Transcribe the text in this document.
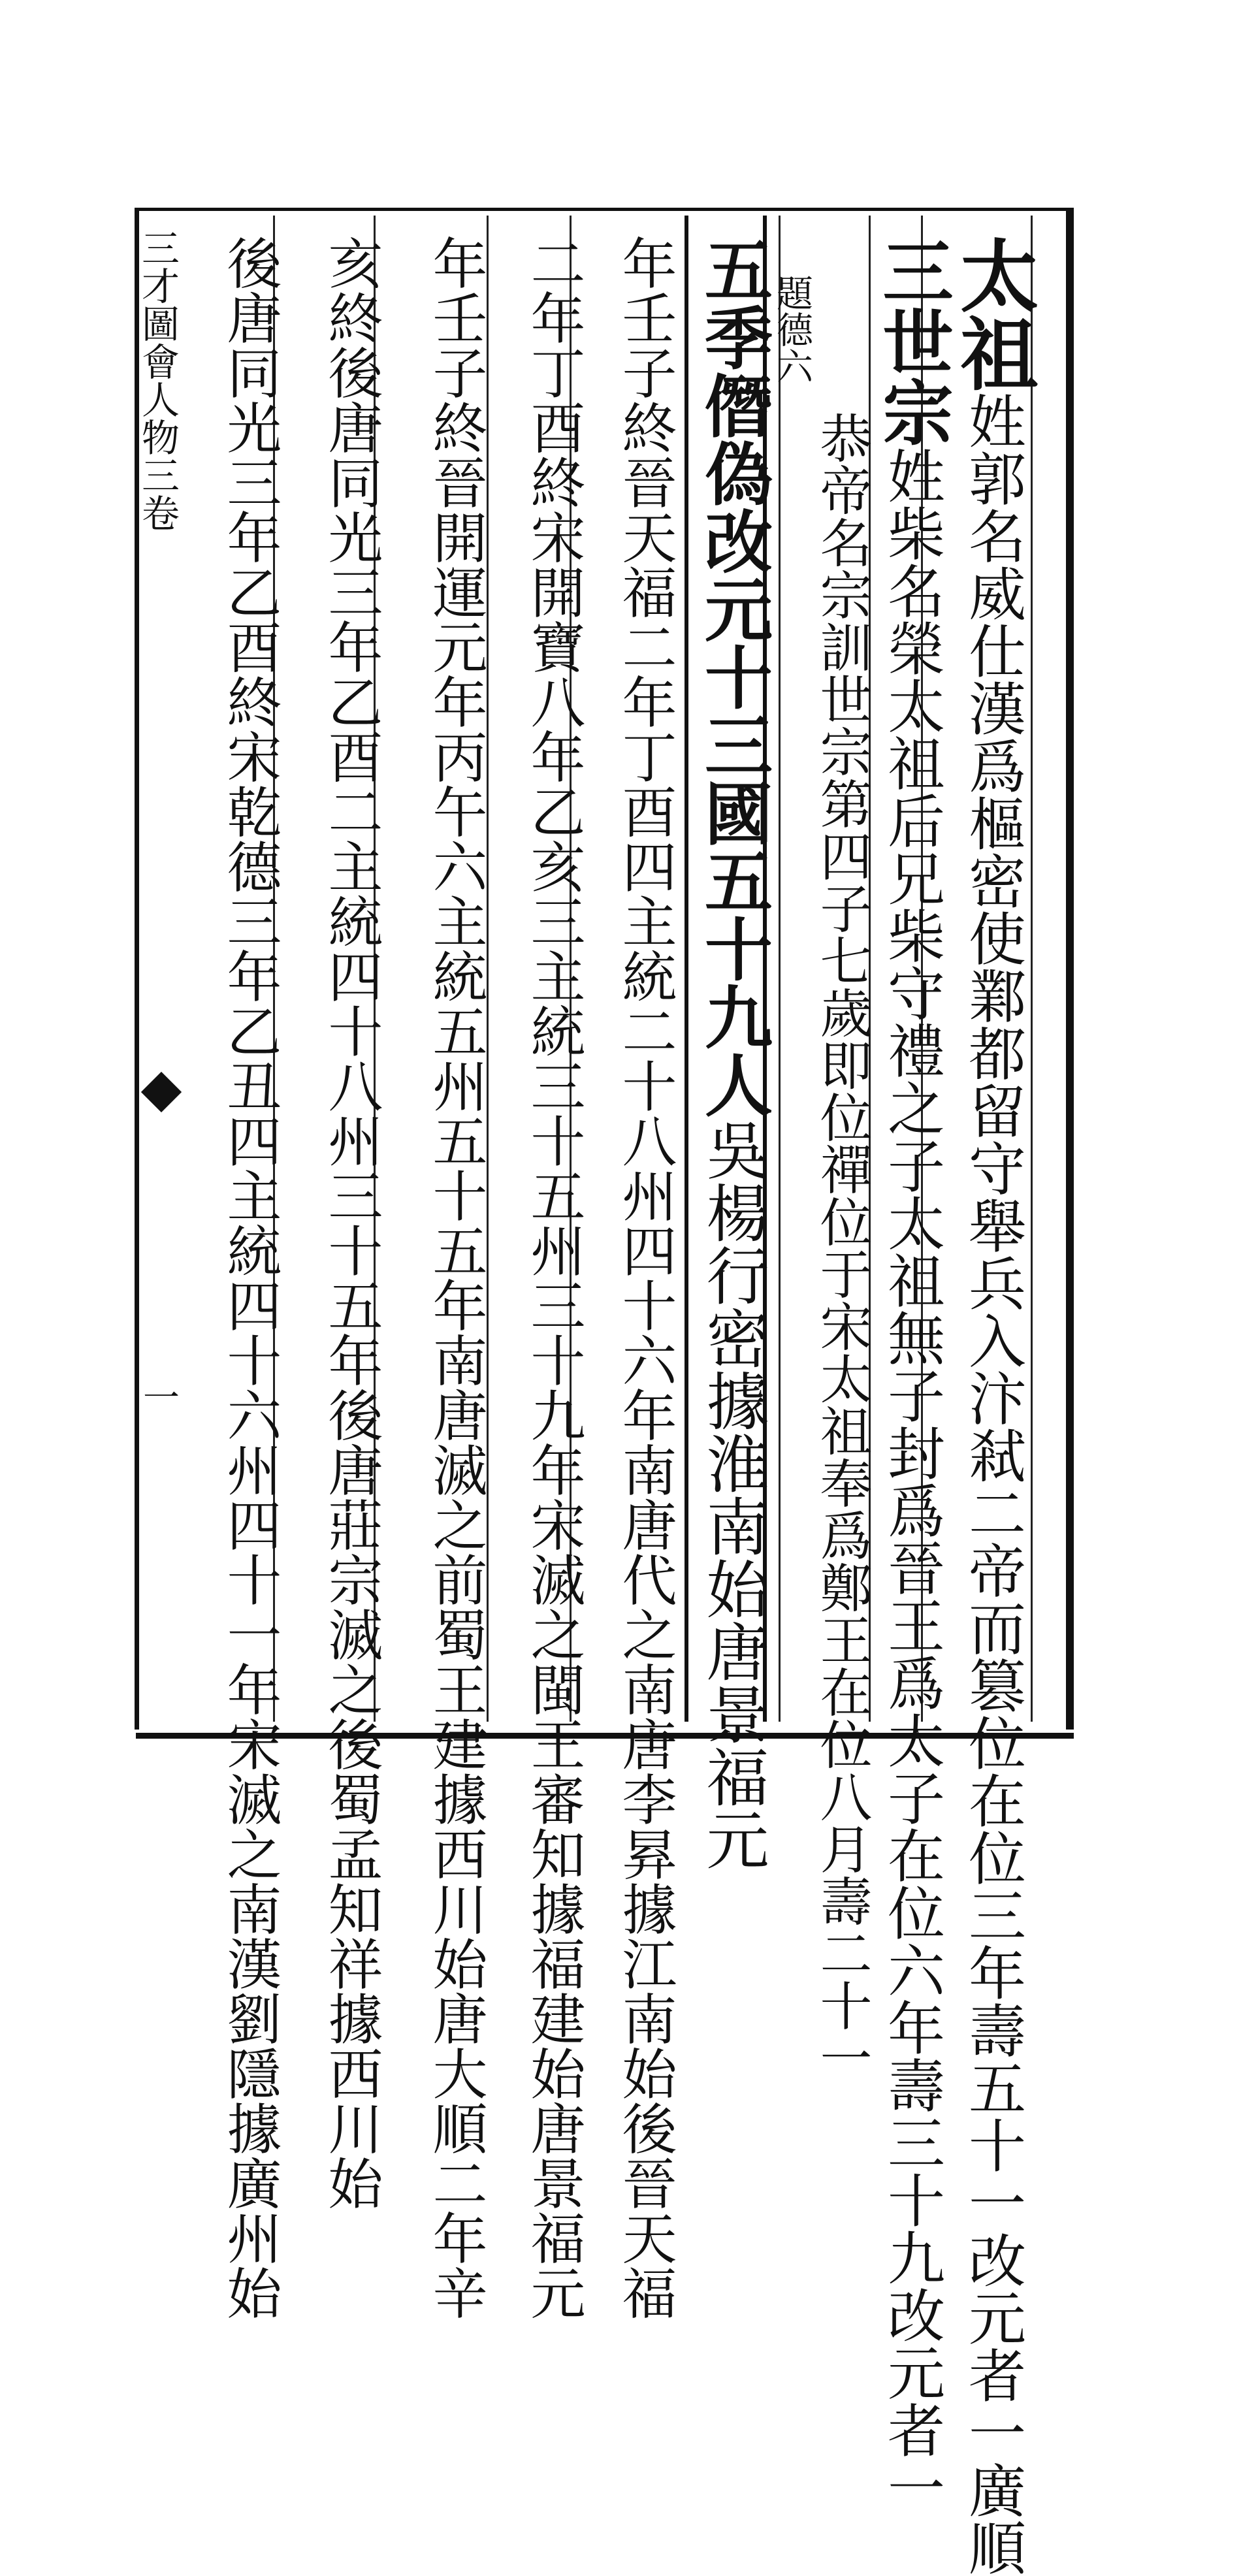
太祖姓郭名威仕漢爲樞密使鄴都留守舉兵入汴弒二帝而篡位在位三年壽五十一改元者一廣順
三世宗姓柴名榮太祖后兄柴守禮之子太祖無子封爲晉王爲太子在位六年壽三十九改元者一
恭帝名宗訓世宗第四子七歲即位禪位于宋太祖奉爲鄭王在位八月壽二十一
題德六
五季僭偽改元十三國五十九人吳楊行密據淮南始唐景福元
年壬子終晉天福二年丁酉四主統二十八州四十六年南唐代之南唐李昪據江南始後晉天福
二年丁酉終宋開寶八年乙亥三主統三十五州三十九年宋滅之閩王審知據福建始唐景福元
年壬子終晉開運元年丙午六主統五州五十五年南唐滅之前蜀王建據西川始唐大順二年辛
亥終後唐同光三年乙酉二主統四十八州三十五年後唐莊宗滅之後蜀孟知祥據西川始
後唐同光三年乙酉終宋乾德三年乙丑四主統四十六州四十一年宋滅之南漢劉隱據廣州始
三才圖會人物三卷
一
